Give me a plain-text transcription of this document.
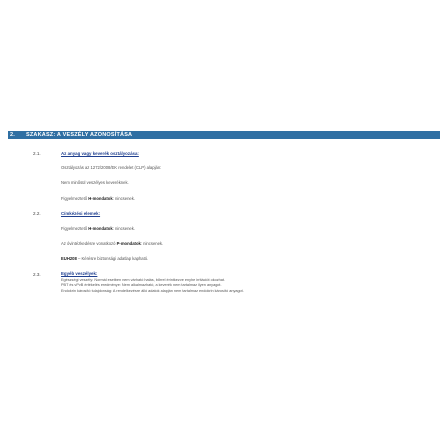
2. SZAKASZ: A VESZÉLY AZONOSÍTÁSA
2.1.	Az anyag vagy keverék osztályozása:
Osztályozás az 1272/2008/EK rendelet (CLP) alapján:
Nem minősül veszélyes keveréknek.
Figyelmeztető H-mondatok: nincsenek.
2.2.	Címkézési elemek:
Figyelmeztető H-mondatok: nincsenek.
Az óvintézkedésre vonatkozó P-mondatok: nincsenek.
EUH208 – Kérésre biztonsági adatlap kapható.
2.3.	Egyéb veszélyek:
Egészségi veszély: Normál esetben nem várható hatás, bőrrel érintkezve enyhe irritációt okozhat.
PBT és vPvB értékelés eredménye: Nem alkalmazható, a keverék nem tartalmaz ilyen anyagot.
Endokrin károsító tulajdonság: A rendelkezésre álló adatok alapján nem tartalmaz endokrin károsító anyagot.
